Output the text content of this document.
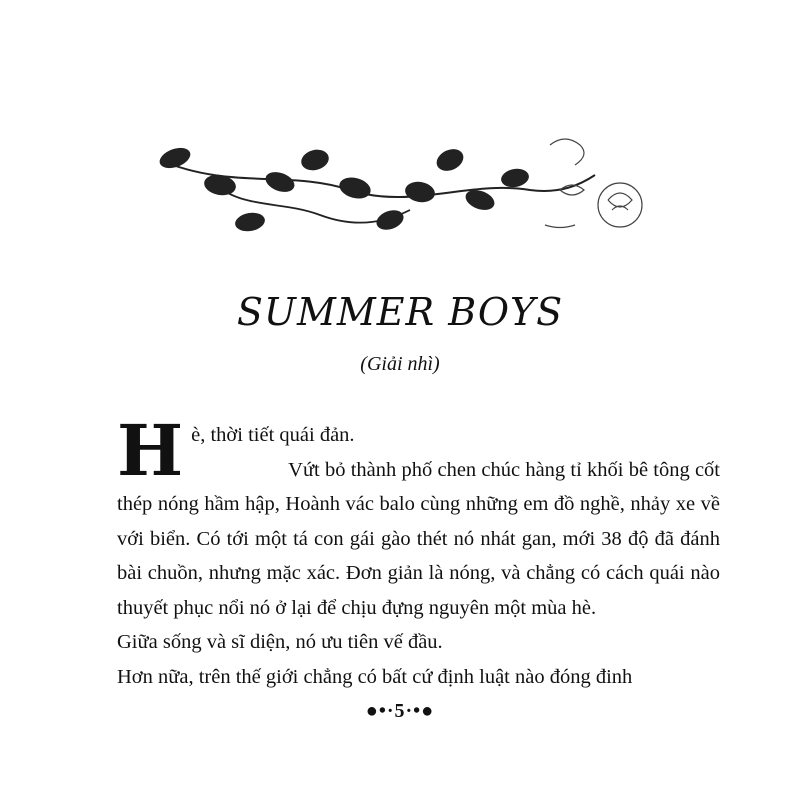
SUMMER BOYS
(Giải nhì)

Hè, thời tiết quái đản.

Vứt bỏ thành phố chen chúc hàng tỉ khối bê tông cốt thép nóng hầm hập, Hoành vác balo cùng những em đồ nghề, nhảy xe về với biển. Có tới một tá con gái gào thét nó nhát gan, mới 38 độ đã đánh bài chuồn, nhưng mặc xác. Đơn giản là nóng, và chẳng có cách quái nào thuyết phục nổi nó ở lại để chịu đựng nguyên một mùa hè.

Giữa sống và sĩ diện, nó ưu tiên vế đầu.

Hơn nữa, trên thế giới chẳng có bất cứ định luật nào đóng đinh

●•·5·•●
